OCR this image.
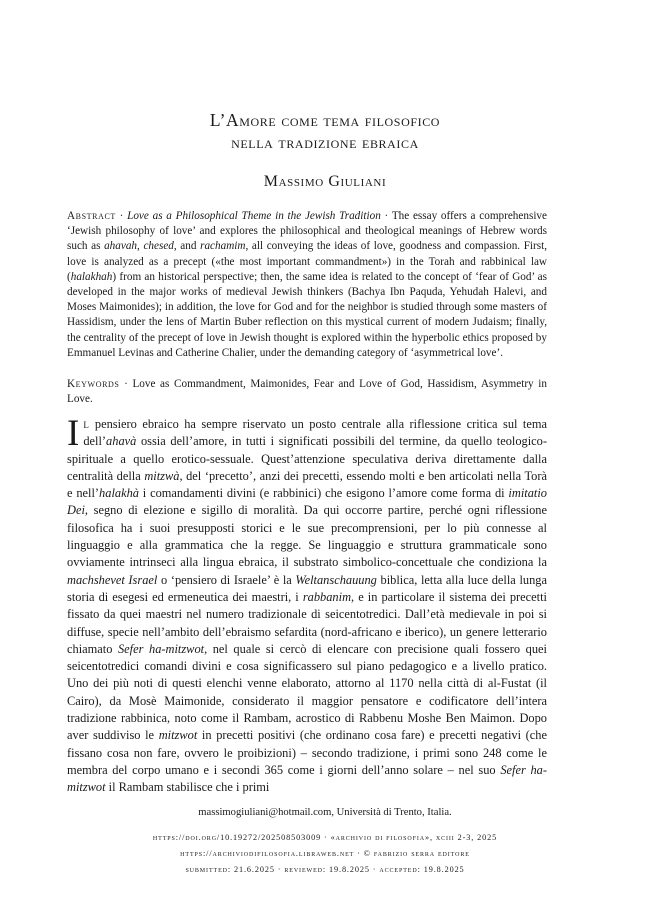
L’Amore come tema filosofico
nella tradizione ebraica
Massimo Giuliani
Abstract · Love as a Philosophical Theme in the Jewish Tradition · The essay offers a comprehensive ‘Jewish philosophy of love’ and explores the philosophical and theological meanings of Hebrew words such as ahavah, chesed, and rachamim, all conveying the ideas of love, goodness and compassion. First, love is analyzed as a precept («the most important commandment») in the Torah and rabbinical law (halakhah) from an historical perspective; then, the same idea is related to the concept of ‘fear of God’ as developed in the major works of medieval Jewish thinkers (Bachya Ibn Paquda, Yehudah Halevi, and Moses Maimonides); in addition, the love for God and for the neighbor is studied through some masters of Hassidism, under the lens of Martin Buber reflection on this mystical current of modern Judaism; finally, the centrality of the precept of love in Jewish thought is explored within the hyperbolic ethics proposed by Emmanuel Levinas and Catherine Chalier, under the demanding category of ‘asymmetrical love’.
Keywords · Love as Commandment, Maimonides, Fear and Love of God, Hassidism, Asymmetry in Love.
Il pensiero ebraico ha sempre riservato un posto centrale alla riflessione critica sul tema dell’ahavà ossia dell’amore, in tutti i significati possibili del termine, da quello teologico-spirituale a quello erotico-sessuale. Quest’attenzione speculativa deriva direttamente dalla centralità della mitzwà, del ‘precetto’, anzi dei precetti, essendo molti e ben articolati nella Torà e nell’halakhà i comandamenti divini (e rabbinici) che esigono l’amore come forma di imitatio Dei, segno di elezione e sigillo di moralità. Da qui occorre partire, perché ogni riflessione filosofica ha i suoi presupposti storici e le sue precomprensioni, per lo più connesse al linguaggio e alla grammatica che la regge. Se linguaggio e struttura grammaticale sono ovviamente intrinseci alla lingua ebraica, il substrato simbolico-concettuale che condiziona la machshevet Israel o ‘pensiero di Israele’ è la Weltanschauung biblica, letta alla luce della lunga storia di esegesi ed ermeneutica dei maestri, i rabbanim, e in particolare il sistema dei precetti fissato da quei maestri nel numero tradizionale di seicentotredici. Dall’età medievale in poi si diffuse, specie nell’ambito dell’ebraismo sefardita (nord-africano e iberico), un genere letterario chiamato Sefer ha-mitzwot, nel quale si cercò di elencare con precisione quali fossero quei seicentotredici comandi divini e cosa significassero sul piano pedagogico e a livello pratico. Uno dei più noti di questi elenchi venne elaborato, attorno al 1170 nella città di al-Fustat (il Cairo), da Mosè Maimonide, considerato il maggior pensatore e codificatore dell’intera tradizione rabbinica, noto come il Rambam, acrostico di Rabbenu Moshe Ben Maimon. Dopo aver suddiviso le mitzwot in precetti positivi (che ordinano cosa fare) e precetti negativi (che fissano cosa non fare, ovvero le proibizioni) – secondo tradizione, i primi sono 248 come le membra del corpo umano e i secondi 365 come i giorni dell’anno solare – nel suo Sefer ha-mitzwot il Rambam stabilisce che i primi
massimogiuliani@hotmail.com, Università di Trento, Italia.
https://doi.org/10.19272/202508503009 · «archivio di filosofia», xciii 2-3, 2025
https://archiviodifilosofia.libraweb.net · © fabrizio serra editore
submitted: 21.6.2025 · reviewed: 19.8.2025 · accepted: 19.8.2025
